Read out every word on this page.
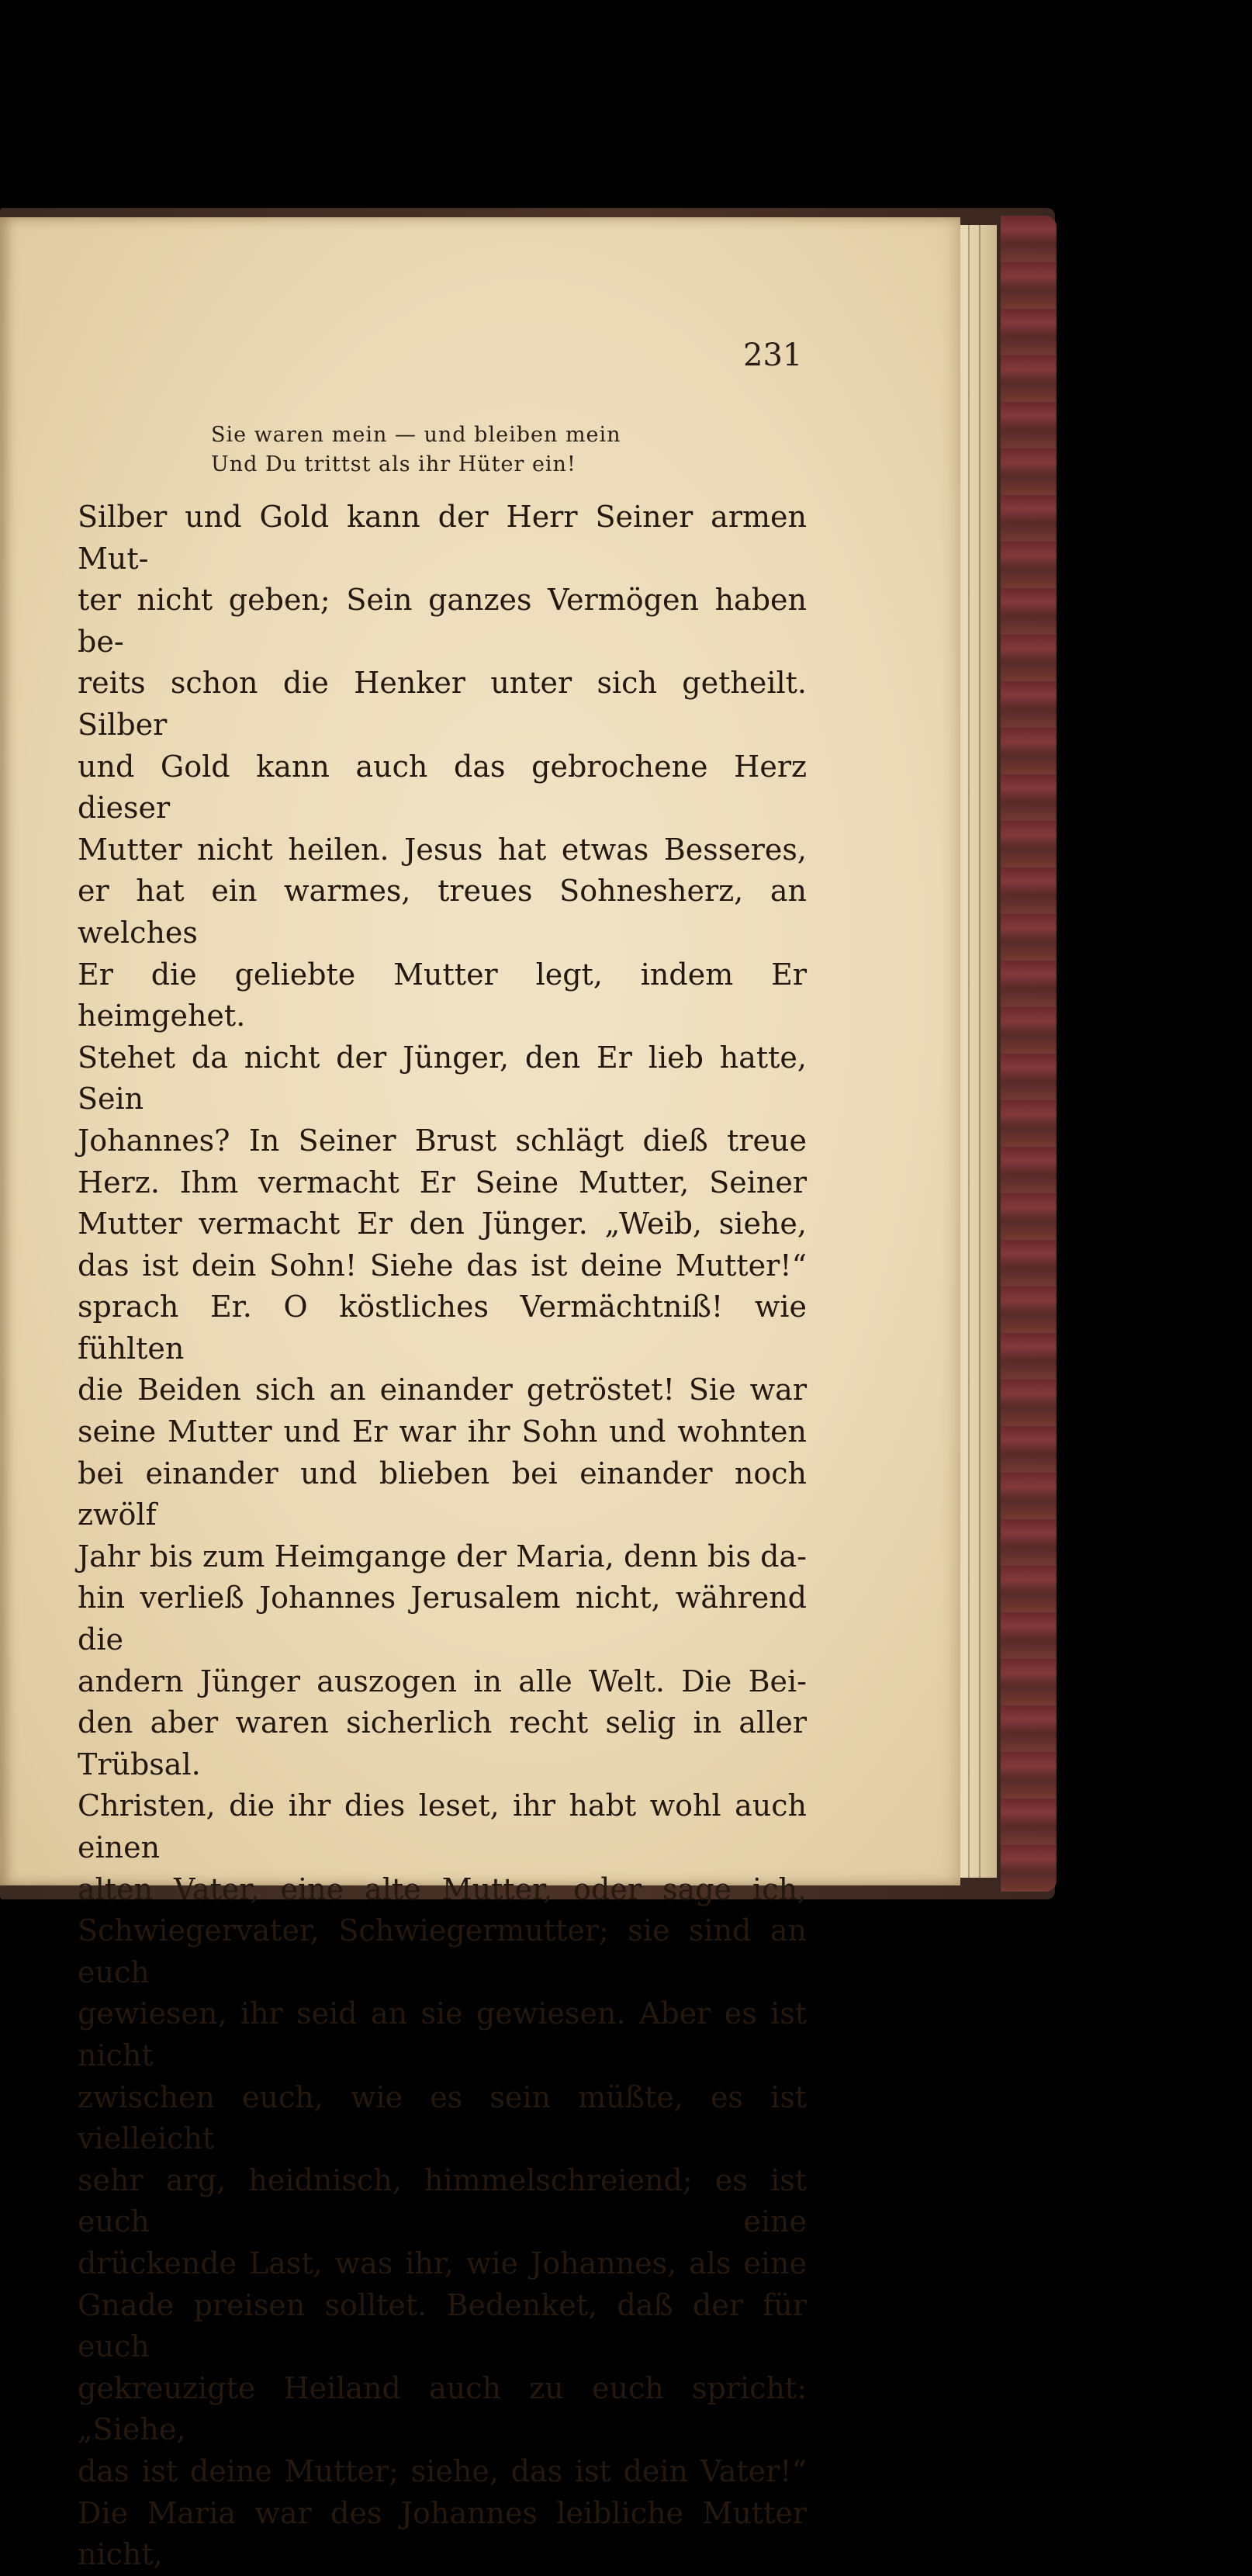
231

Sie waren mein — und bleiben mein

Und Du trittst als ihr Hüter ein!

Silber und Gold kann der Herr Seiner armen Mut-

ter nicht geben; Sein ganzes Vermögen haben be-

reits schon die Henker unter sich getheilt. Silber

und Gold kann auch das gebrochene Herz dieser

Mutter nicht heilen. Jesus hat etwas Besseres,

er hat ein warmes, treues Sohnesherz, an welches

Er die geliebte Mutter legt, indem Er heimgehet.

Stehet da nicht der Jünger, den Er lieb hatte, Sein

Johannes? In Seiner Brust schlägt dieß treue

Herz. Ihm vermacht Er Seine Mutter, Seiner

Mutter vermacht Er den Jünger. „Weib, siehe,

das ist dein Sohn! Siehe das ist deine Mutter!“

sprach Er. O köstliches Vermächtniß! wie fühlten

die Beiden sich an einander getröstet! Sie war

seine Mutter und Er war ihr Sohn und wohnten

bei einander und blieben bei einander noch zwölf

Jahr bis zum Heimgange der Maria, denn bis da-

hin verließ Johannes Jerusalem nicht, während die

andern Jünger auszogen in alle Welt. Die Bei-

den aber waren sicherlich recht selig in aller Trübsal.

Christen, die ihr dies leset, ihr habt wohl auch einen

alten Vater, eine alte Mutter, oder sage ich,

Schwiegervater, Schwiegermutter; sie sind an euch

gewiesen, ihr seid an sie gewiesen. Aber es ist nicht

zwischen euch, wie es sein müßte, es ist vielleicht

sehr arg, heidnisch, himmelschreiend; es ist euch eine

drückende Last, was ihr, wie Johannes, als eine

Gnade preisen solltet. Bedenket, daß der für euch

gekreuzigte Heiland auch zu euch spricht: „Siehe,

das ist deine Mutter; siehe, das ist dein Vater!“

Die Maria war des Johannes leibliche Mutter nicht,
